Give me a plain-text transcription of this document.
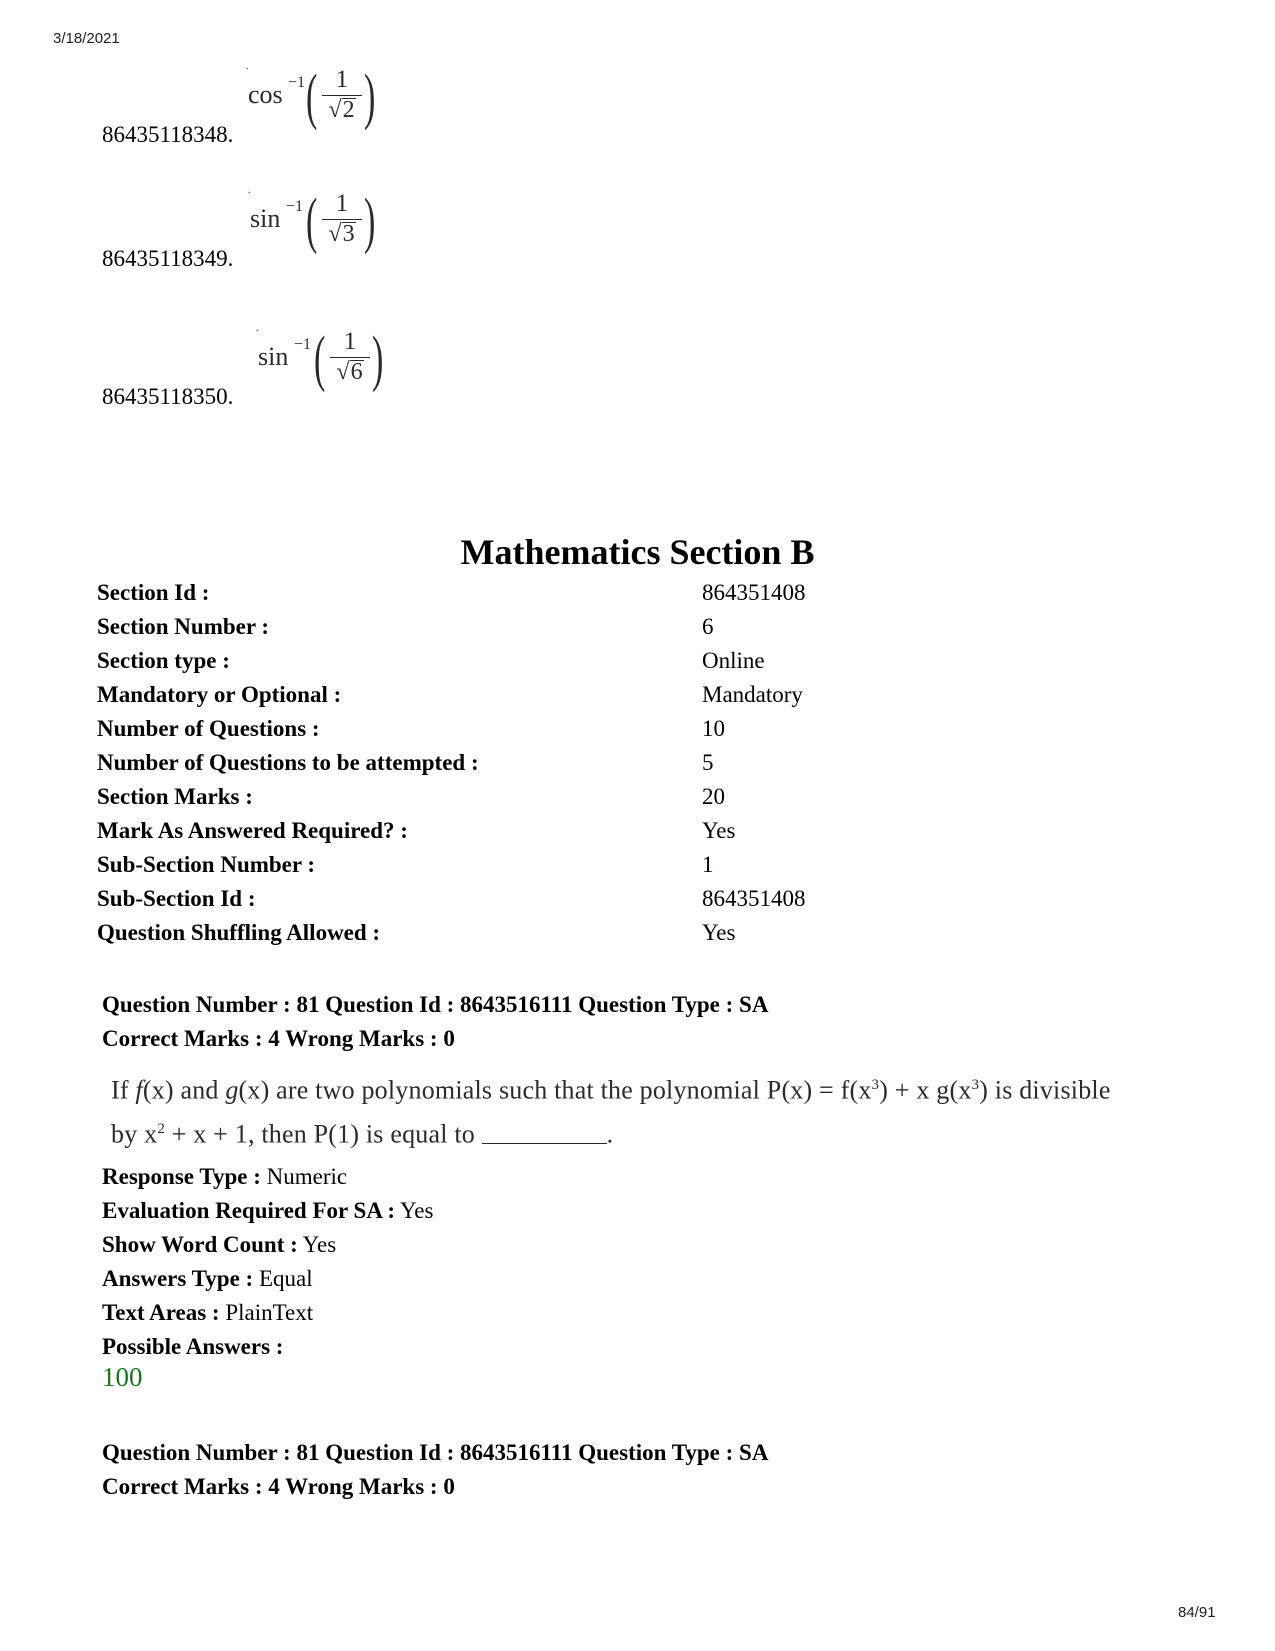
3/18/2021
86435118348.
.
cos −1 ( $\frac{1}{√2}$ )
86435118349.
.
sin −1 ( $\frac{1}{√3}$ )
86435118350.
.
sin −1 ( $\frac{1}{√6}$ )
Mathematics Section B
Section Id :	864351408
Section Number :	6
Section type :	Online
Mandatory or Optional :	Mandatory
Number of Questions :	10
Number of Questions to be attempted :	5
Section Marks :	20
Mark As Answered Required? :	Yes
Sub-Section Number :	1
Sub-Section Id :	864351408
Question Shuffling Allowed :	Yes
Question Number : 81 Question Id : 8643516111 Question Type : SA
Correct Marks : 4 Wrong Marks : 0
If f(x) and g(x) are two polynomials such that the polynomial $P(x) = f(x^3) + x$ $g(x^3)$ is divisible
by $x^2 + x + 1$, then P(1) is equal to	.
Response Type : Numeric
Evaluation Required For SA : Yes
Show Word Count : Yes
Answers Type : Equal
Text Areas : PlainText
Possible Answers :
100
Question Number : 81 Question Id : 8643516111 Question Type : SA
Correct Marks : 4 Wrong Marks : 0
84/91
